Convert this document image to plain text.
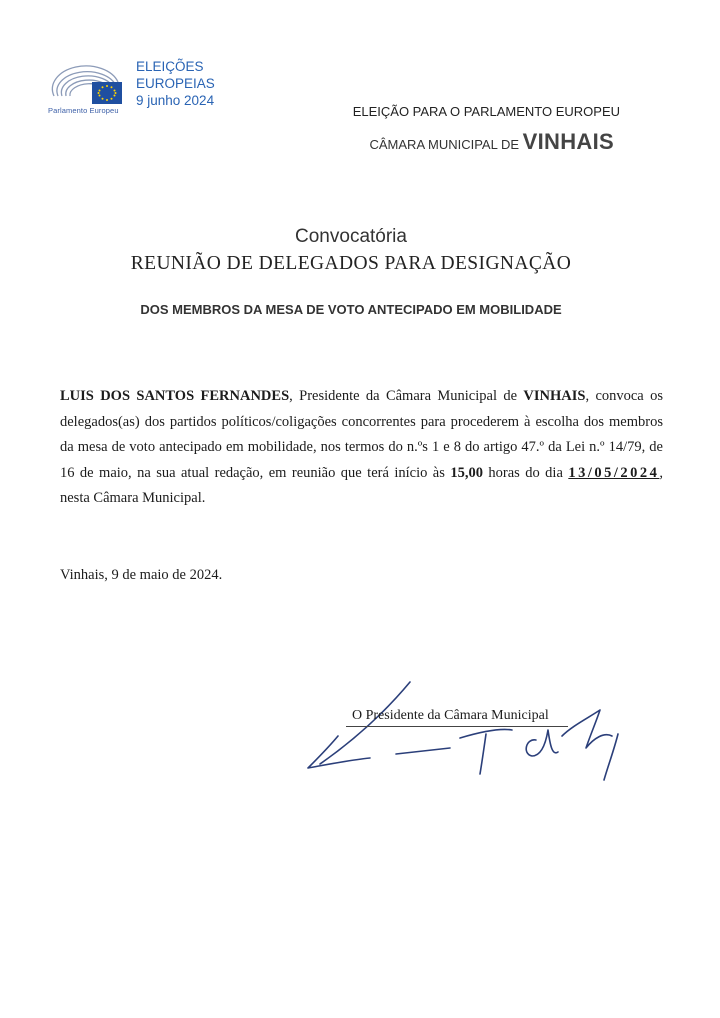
Parlamento Europeu
ELEIÇÕES
EUROPEIAS
9 junho 2024
ELEIÇÃO PARA O PARLAMENTO EUROPEU
CÂMARA MUNICIPAL DE VINHAIS
Convocatória
REUNIÃO DE DELEGADOS PARA DESIGNAÇÃO
DOS MEMBROS DA MESA DE VOTO ANTECIPADO EM MOBILIDADE
LUIS DOS SANTOS FERNANDES, Presidente da Câmara Municipal de VINHAIS, convoca os delegados(as) dos partidos políticos/coligações concorrentes para procederem à escolha dos membros da mesa de voto antecipado em mobilidade, nos termos do n.ºs 1 e 8 do artigo 47.º da Lei n.º 14/79, de 16 de maio, na sua atual redação, em reunião que terá início às 15,00 horas do dia 13/05/2024, nesta Câmara Municipal.
Vinhais, 9 de maio de 2024.
O Presidente da Câmara Municipal
